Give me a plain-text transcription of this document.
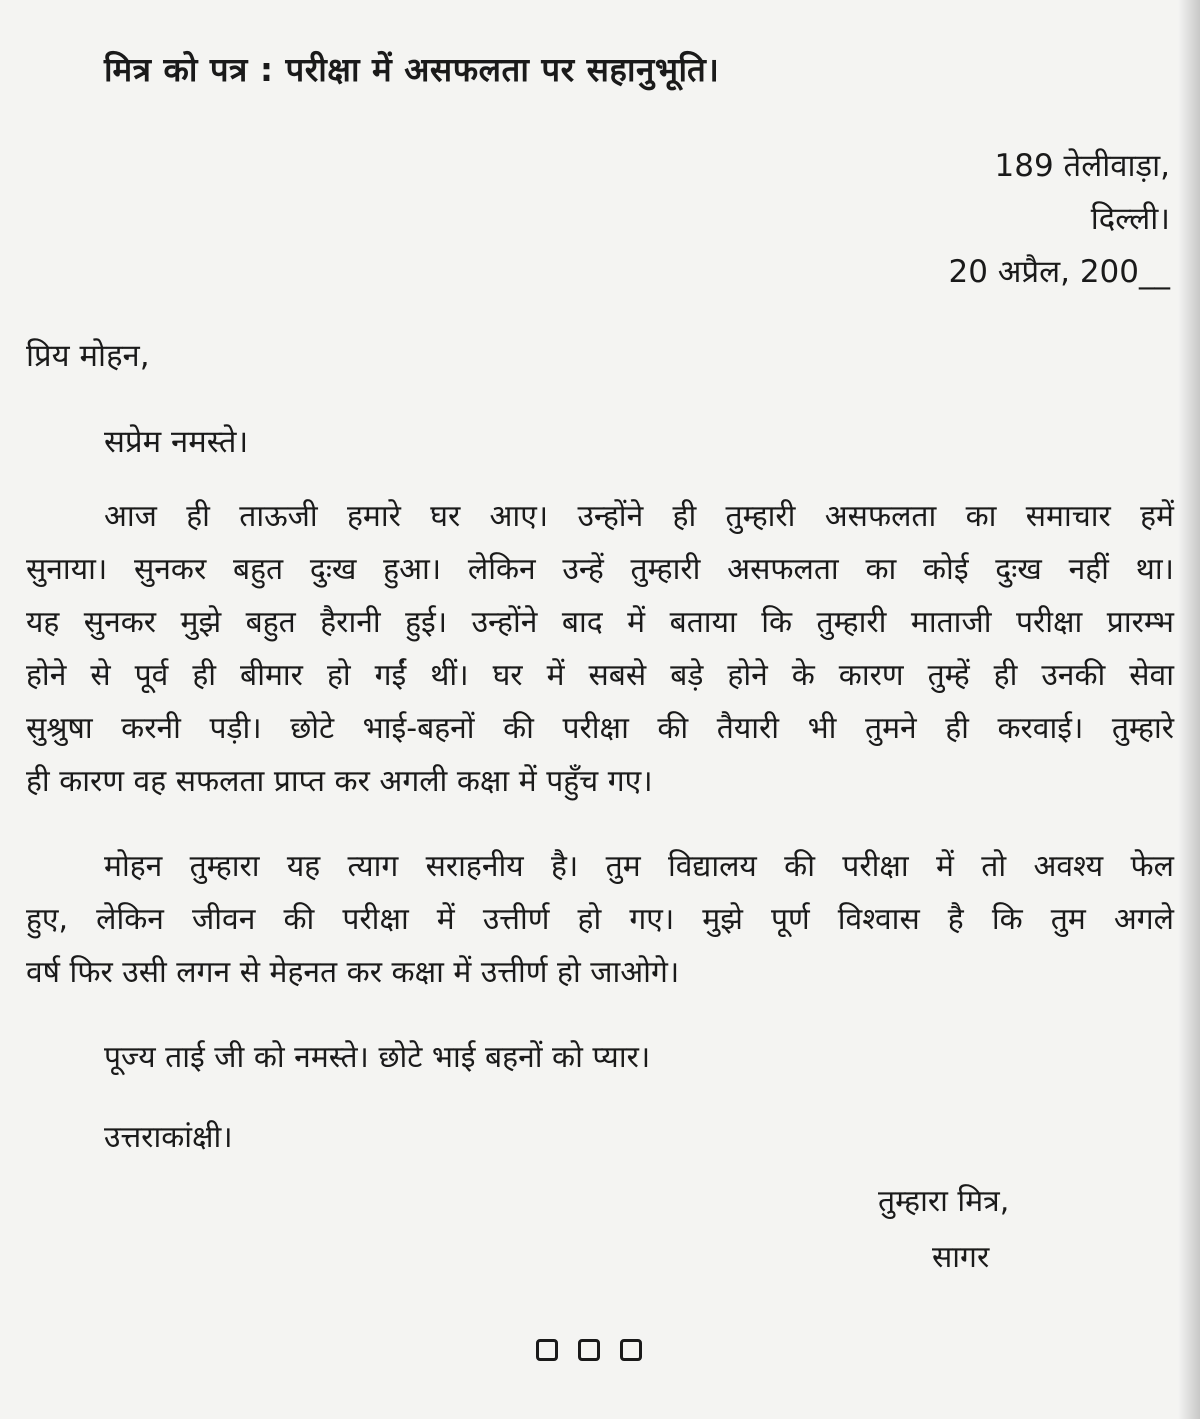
मित्र को पत्र : परीक्षा में असफलता पर सहानुभूति।
189 तेलीवाड़ा,
दिल्ली।
20 अप्रैल, 200__
प्रिय मोहन,
सप्रेम नमस्ते।
आज ही ताऊजी हमारे घर आए। उन्होंने ही तुम्हारी असफलता का समाचार हमें
सुनाया। सुनकर बहुत दुःख हुआ। लेकिन उन्हें तुम्हारी असफलता का कोई दुःख नहीं था।
यह सुनकर मुझे बहुत हैरानी हुई। उन्होंने बाद में बताया कि तुम्हारी माताजी परीक्षा प्रारम्भ
होने से पूर्व ही बीमार हो गईं थीं। घर में सबसे बड़े होने के कारण तुम्हें ही उनकी सेवा
सुश्रुषा करनी पड़ी। छोटे भाई-बहनों की परीक्षा की तैयारी भी तुमने ही करवाई। तुम्हारे
ही कारण वह सफलता प्राप्त कर अगली कक्षा में पहुँच गए।
मोहन तुम्हारा यह त्याग सराहनीय है। तुम विद्यालय की परीक्षा में तो अवश्य फेल
हुए, लेकिन जीवन की परीक्षा में उत्तीर्ण हो गए। मुझे पूर्ण विश्वास है कि तुम अगले
वर्ष फिर उसी लगन से मेहनत कर कक्षा में उत्तीर्ण हो जाओगे।
पूज्य ताई जी को नमस्ते। छोटे भाई बहनों को प्यार।
उत्तराकांक्षी।
तुम्हारा मित्र,
सागर
